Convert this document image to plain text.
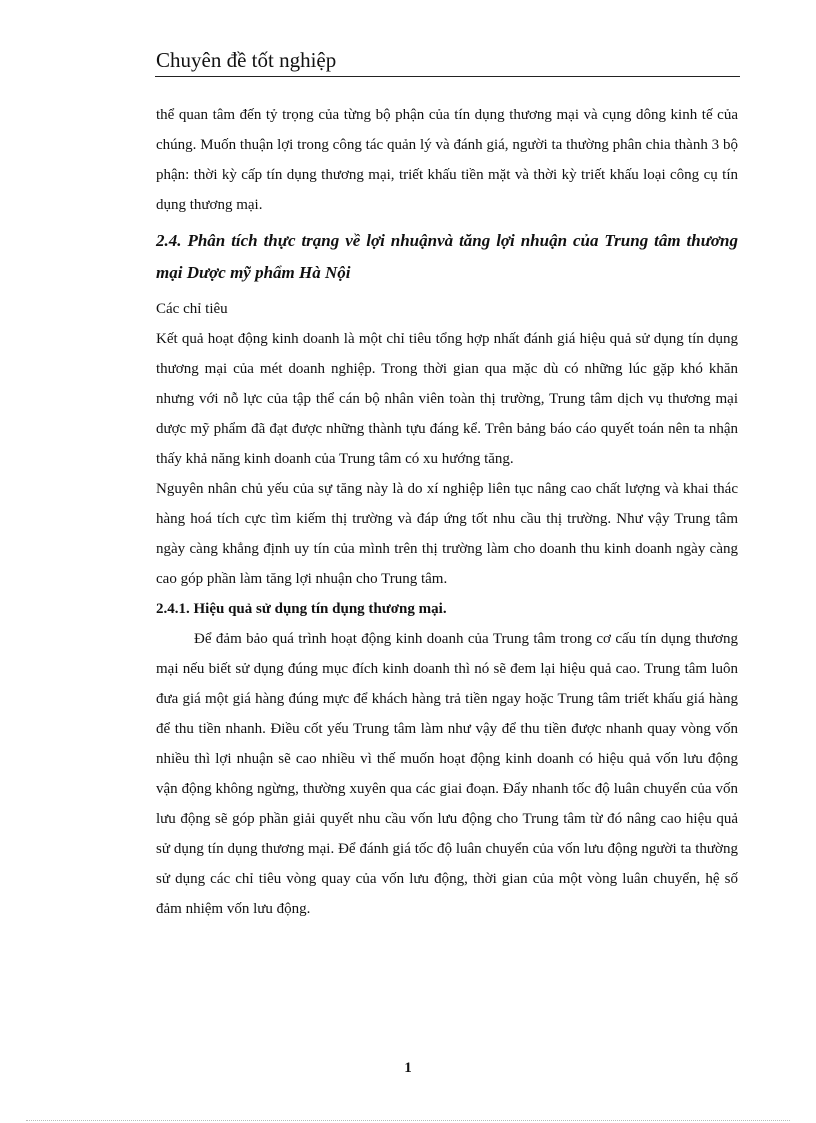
Chuyên đề tốt nghiệp

thể quan tâm đến tỷ trọng của từng bộ phận của tín dụng thương mại và cụng dông kinh tế của chúng. Muốn thuận lợi trong công tác quản lý và đánh giá, người ta thường phân chia thành 3 bộ phận: thời kỳ cấp tín dụng thương mại, triết khấu tiền mặt và thời kỳ triết khấu loại công cụ tín dụng thương mại.

2.4. Phân tích thực trạng về lợi nhuậnvà tăng lợi nhuận của Trung tâm thương mại Dược mỹ phẩm Hà Nội

Các chỉ tiêu

Kết quả hoạt động kinh doanh là một chỉ tiêu tổng hợp nhất đánh giá hiệu quả sử dụng tín dụng thương mại của mét doanh nghiệp. Trong thời gian qua mặc dù có những lúc gặp khó khăn nhưng với nỗ lực của tập thể cán bộ nhân viên toàn thị trường, Trung tâm dịch vụ thương mại dược mỹ phẩm đã đạt được những thành tựu đáng kể. Trên bảng báo cáo quyết toán nên ta nhận thấy khả năng kinh doanh của Trung tâm có xu hướng tăng.

Nguyên nhân chủ yếu của sự tăng này là do xí nghiệp liên tục nâng cao chất lượng và khai thác hàng hoá tích cực tìm kiếm thị trường và đáp ứng tốt nhu cầu thị trường. Như vậy Trung tâm ngày càng khẳng định uy tín của mình trên thị trường làm cho doanh thu kinh doanh ngày càng cao góp phần làm tăng lợi nhuận cho Trung tâm.

2.4.1. Hiệu quả sử dụng tín dụng thương mại.

Để đảm bảo quá trình hoạt động kinh doanh của Trung tâm trong cơ cấu tín dụng thương mại nếu biết sử dụng đúng mục đích kinh doanh thì nó sẽ đem lại hiệu quả cao. Trung tâm luôn đưa giá một giá hàng đúng mực để khách hàng trả tiền ngay hoặc Trung tâm triết khấu giá hàng để thu tiền nhanh. Điều cốt yếu Trung tâm làm như vậy để thu tiền được nhanh quay vòng vốn nhiều thì lợi nhuận sẽ cao nhiều vì thế muốn hoạt động kinh doanh có hiệu quả vốn lưu động vận động không ngừng, thường xuyên qua các giai đoạn. Đẩy nhanh tốc độ luân chuyển của vốn lưu động sẽ góp phần giải quyết nhu cầu vốn lưu động cho Trung tâm từ đó nâng cao hiệu quả sử dụng tín dụng thương mại. Để đánh giá tốc độ luân chuyển của vốn lưu động người ta thường sử dụng các chỉ tiêu vòng quay của vốn lưu động, thời gian của một vòng luân chuyển, hệ số đảm nhiệm vốn lưu động.

1
